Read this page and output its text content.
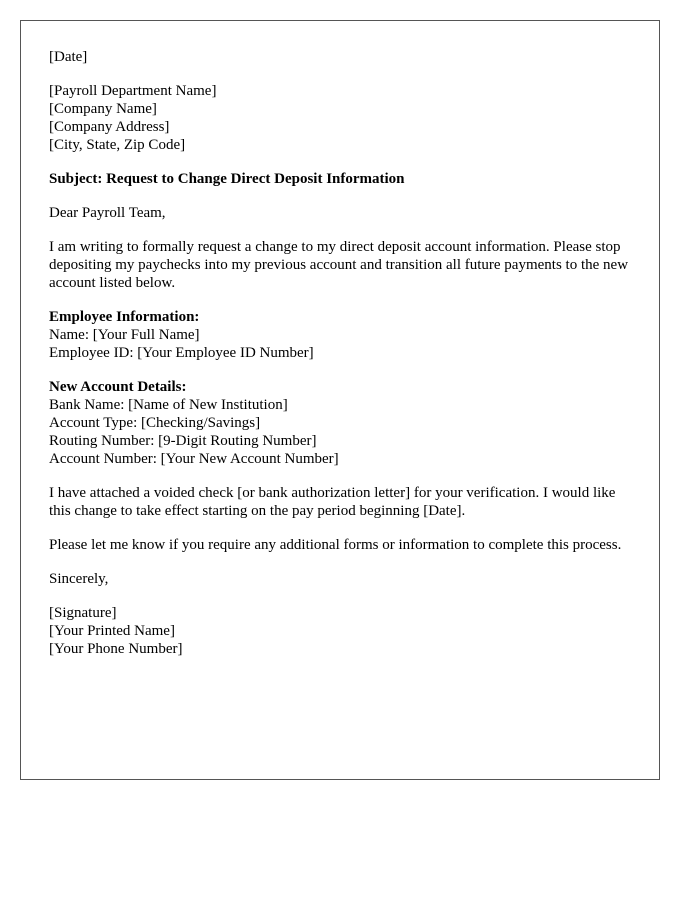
[Date]

[Payroll Department Name]
[Company Name]
[Company Address]
[City, State, Zip Code]

Subject: Request to Change Direct Deposit Information

Dear Payroll Team,

I am writing to formally request a change to my direct deposit account information. Please stop depositing my paychecks into my previous account and transition all future payments to the new account listed below.

Employee Information:
Name: [Your Full Name]
Employee ID: [Your Employee ID Number]
New Account Details:
Bank Name: [Name of New Institution]
Account Type: [Checking/Savings]
Routing Number: [9-Digit Routing Number]
Account Number: [Your New Account Number]

I have attached a voided check [or bank authorization letter] for your verification. I would like this change to take effect starting on the pay period beginning [Date].

Please let me know if you require any additional forms or information to complete this process.

Sincerely,

[Signature]
[Your Printed Name]
[Your Phone Number]
